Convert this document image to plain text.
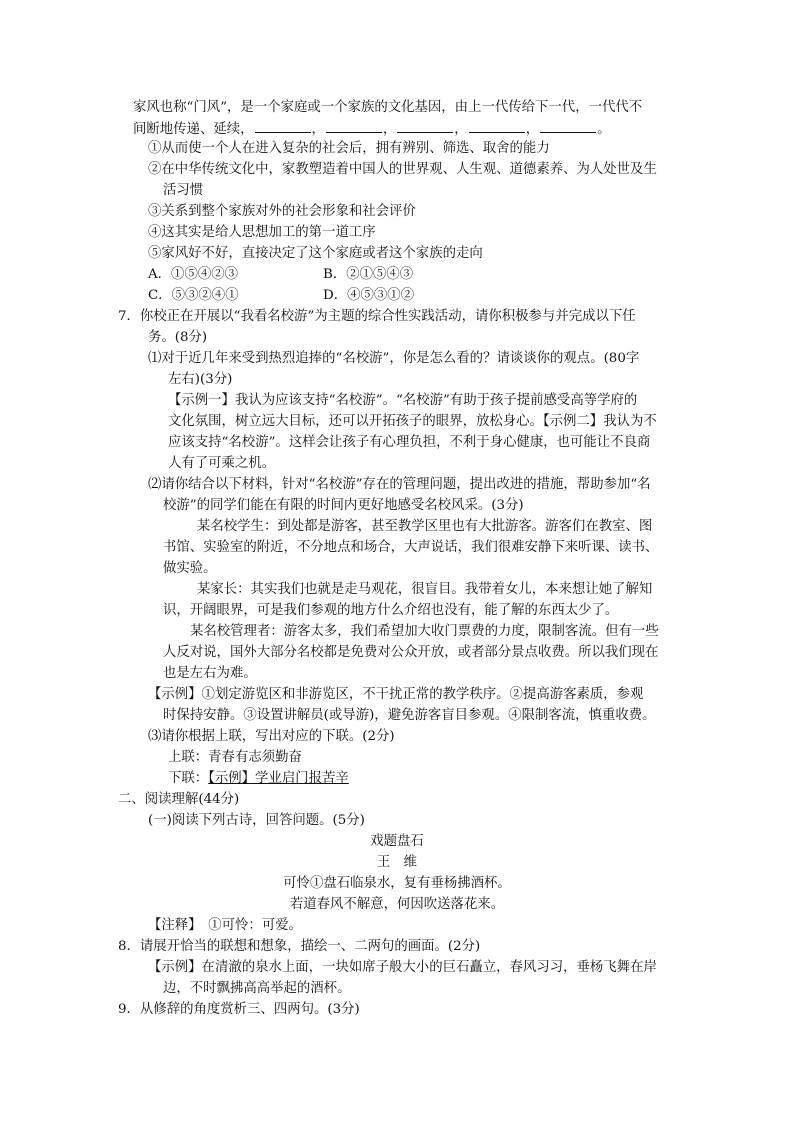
家风也称“门风”，是一个家庭或一个家族的文化基因，由上一代传给下一代，一代代不
间断地传递、延续，	，	，	，	，	。
①从而使一个人在进入复杂的社会后，拥有辨别、筛选、取舍的能力
②在中华传统文化中，家教塑造着中国人的世界观、人生观、道德素养、为人处世及生
活习惯
③关系到整个家族对外的社会形象和社会评价
④这其实是给人思想加工的第一道工序
⑤家风好不好，直接决定了这个家庭或者这个家族的走向
A．①⑤④②③	B．②①⑤④③
C．⑤③②④①	D．④⑤③①②
7．你校正在开展以“我看名校游”为主题的综合性实践活动，请你积极参与并完成以下任
务。(8分)
⑴对于近几年来受到热烈追捧的“名校游”，你是怎么看的？请谈谈你的观点。(80字
左右)(3分)
【示例一】我认为应该支持“名校游”。“名校游”有助于孩子提前感受高等学府的
文化氛围，树立远大目标，还可以开拓孩子的眼界，放松身心。【示例二】我认为不
应该支持“名校游”。这样会让孩子有心理负担，不利于身心健康，也可能让不良商
人有了可乘之机。
⑵请你结合以下材料，针对“名校游”存在的管理问题，提出改进的措施，帮助参加“名
校游”的同学们能在有限的时间内更好地感受名校风采。(3分)
某名校学生：到处都是游客，甚至教学区里也有大批游客。游客们在教室、图
书馆、实验室的附近，不分地点和场合，大声说话，我们很难安静下来听课、读书、
做实验。
某家长：其实我们也就是走马观花，很盲目。我带着女儿，本来想让她了解知
识，开阔眼界，可是我们参观的地方什么介绍也没有，能了解的东西太少了。
某名校管理者：游客太多，我们希望加大收门票费的力度，限制客流。但有一些
人反对说，国外大部分名校都是免费对公众开放，或者部分景点收费。所以我们现在
也是左右为难。
【示例】①划定游览区和非游览区，不干扰正常的教学秩序。②提高游客素质，参观
时保持安静。③设置讲解员(或导游)，避免游客盲目参观。④限制客流，慎重收费。
⑶请你根据上联，写出对应的下联。(2分)
上联：青春有志须勤奋
下联：【示例】学业启门报苦辛
二、阅读理解(44分)
(一)阅读下列古诗，回答问题。(5分)
戏题盘石
王　维
可怜①盘石临泉水，复有垂杨拂酒杯。
若道春风不解意，何因吹送落花来。
【注释】　①可怜：可爱。
8．请展开恰当的联想和想象，描绘一、二两句的画面。(2分)
【示例】在清澈的泉水上面，一块如席子般大小的巨石矗立，春风习习，垂杨飞舞在岸
边，不时飘拂高高举起的酒杯。
9．从修辞的角度赏析三、四两句。(3分)
